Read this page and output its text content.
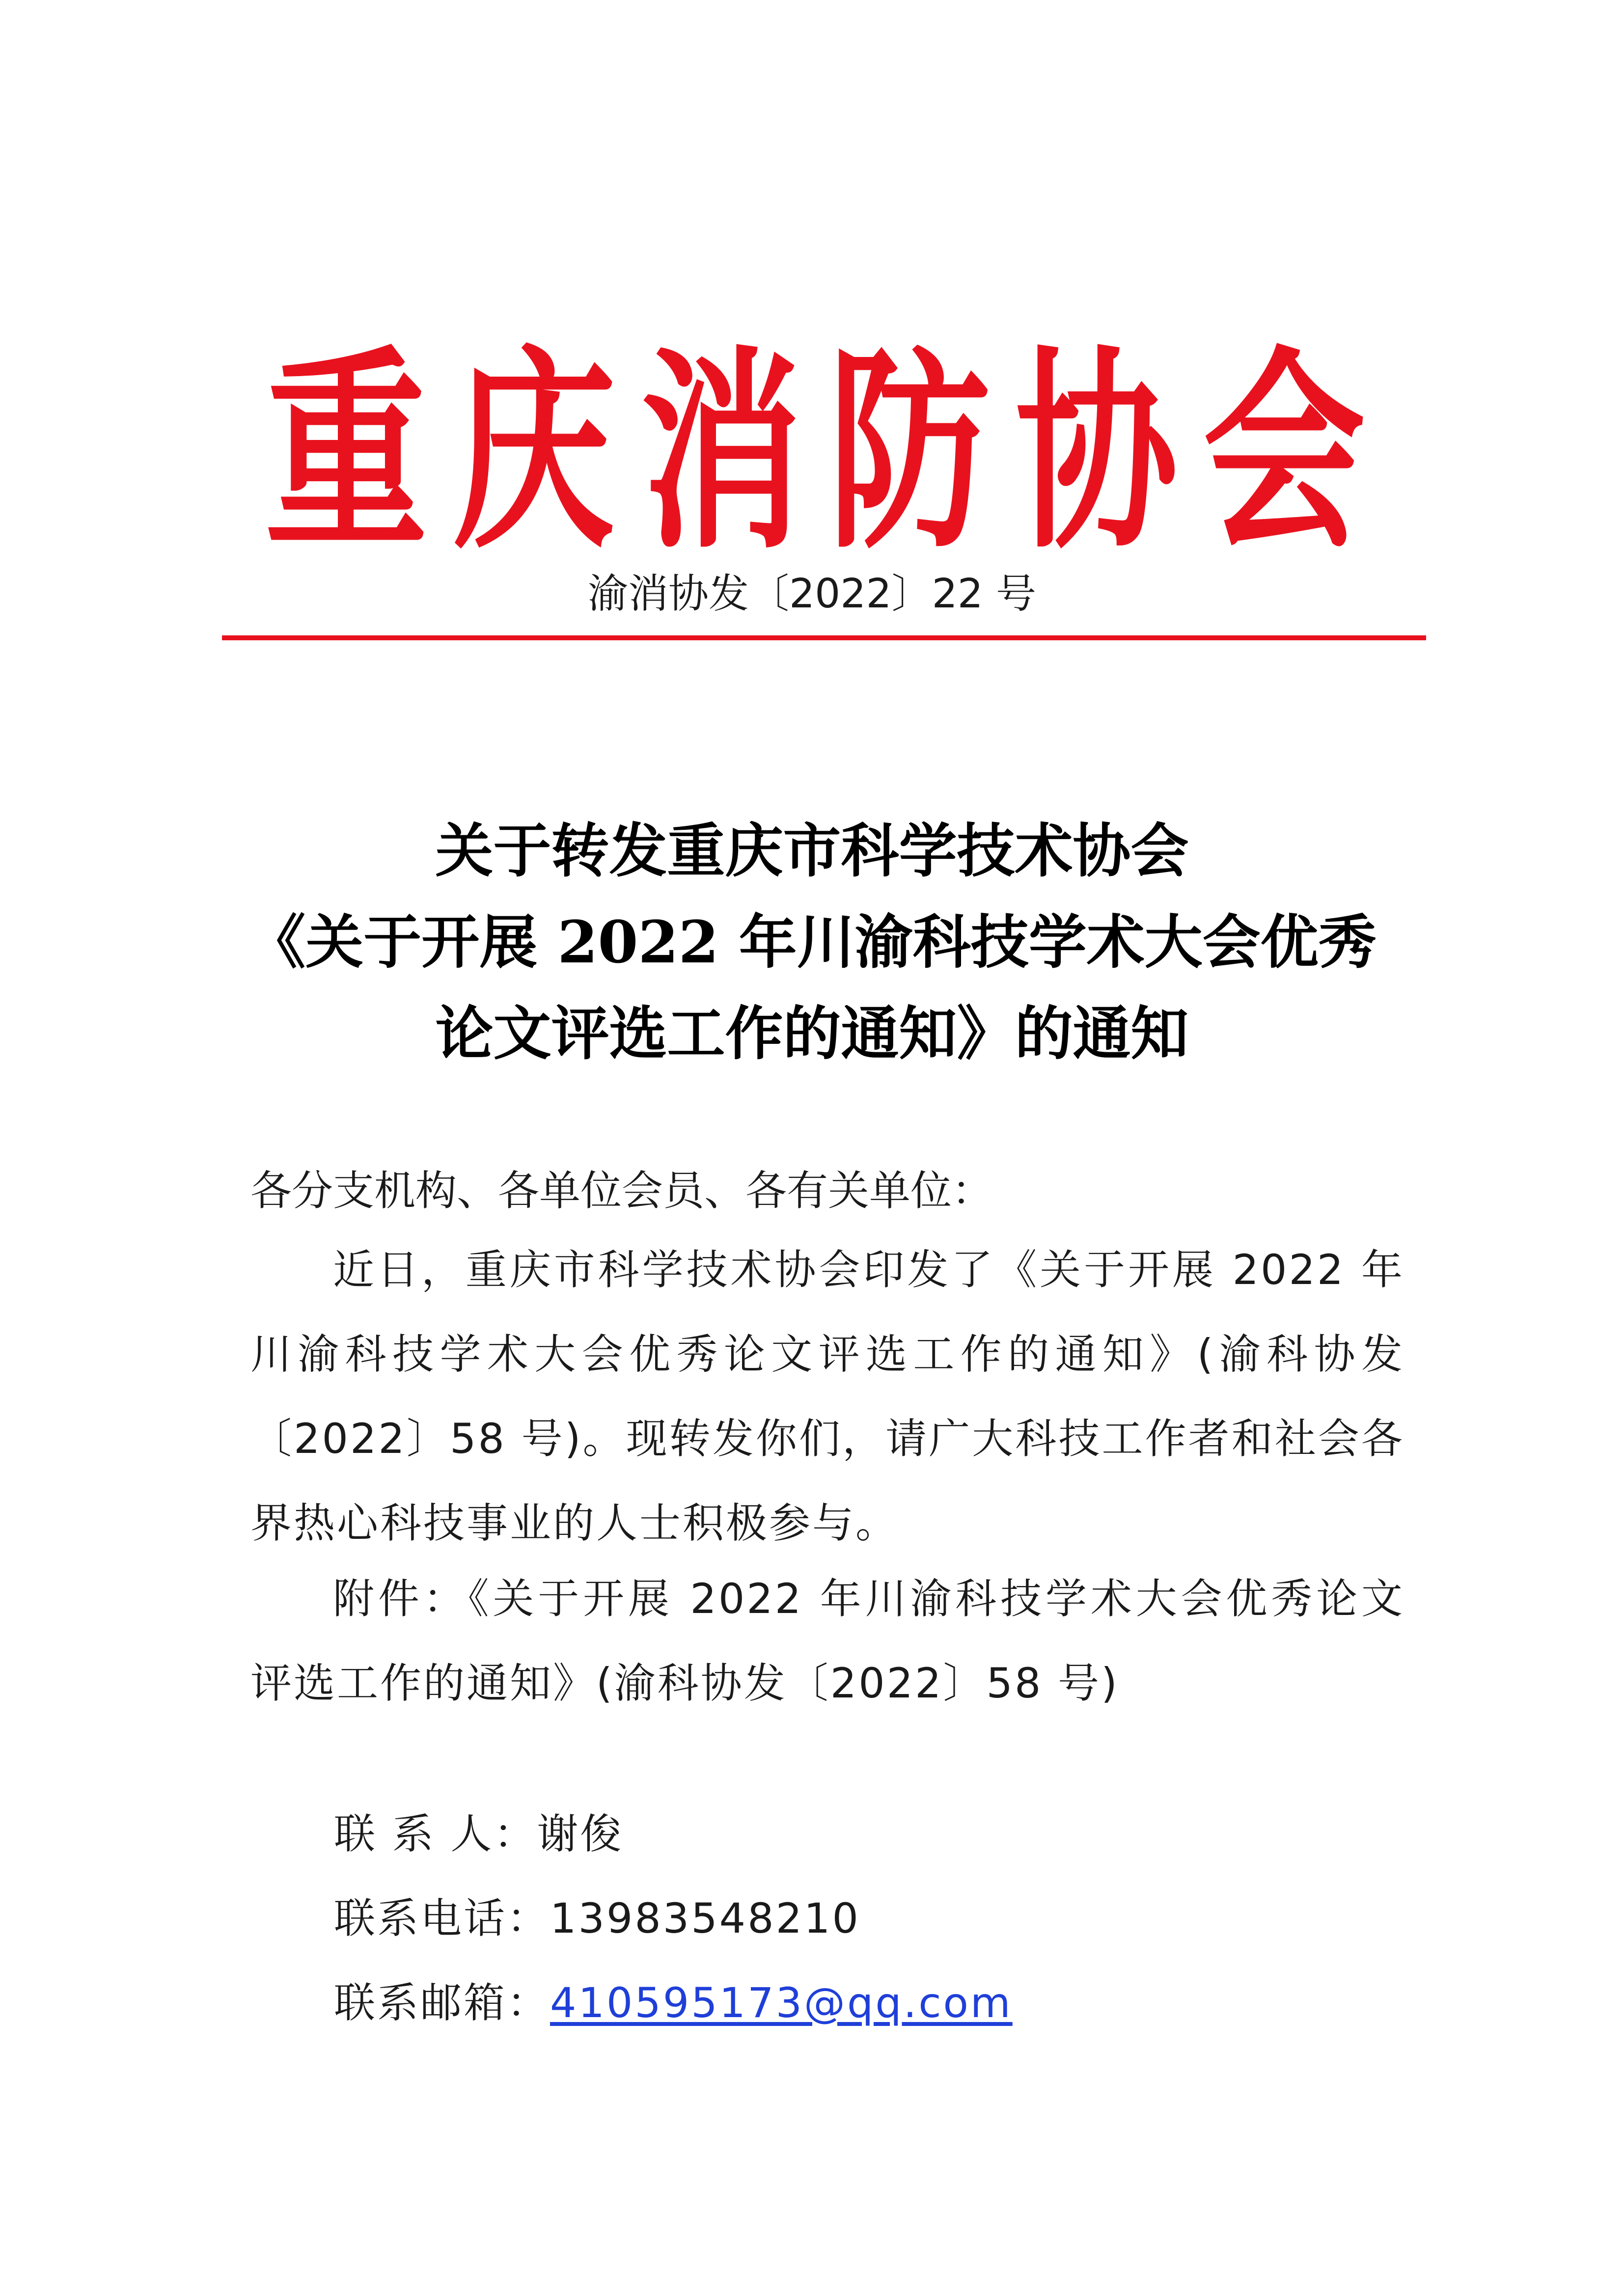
重 庆 消 防 协 会
渝消协发〔2022〕22 号
关于转发重庆市科学技术协会
《关于开展 2022 年川渝科技学术大会优秀
论文评选工作的通知》的通知
各分支机构、各单位会员、各有关单位：
近日，重庆市科学技术协会印发了《关于开展 2022 年川渝科技学术大会优秀论文评选工作的通知》(渝科协发〔2022〕58 号)。现转发你们，请广大科技工作者和社会各界热心科技事业的人士积极参与。
附件：《关于开展 2022 年川渝科技学术大会优秀论文评选工作的通知》(渝科协发〔2022〕58 号)
联 系 人：谢俊
联系电话：13983548210
联系邮箱：410595173@qq.com
